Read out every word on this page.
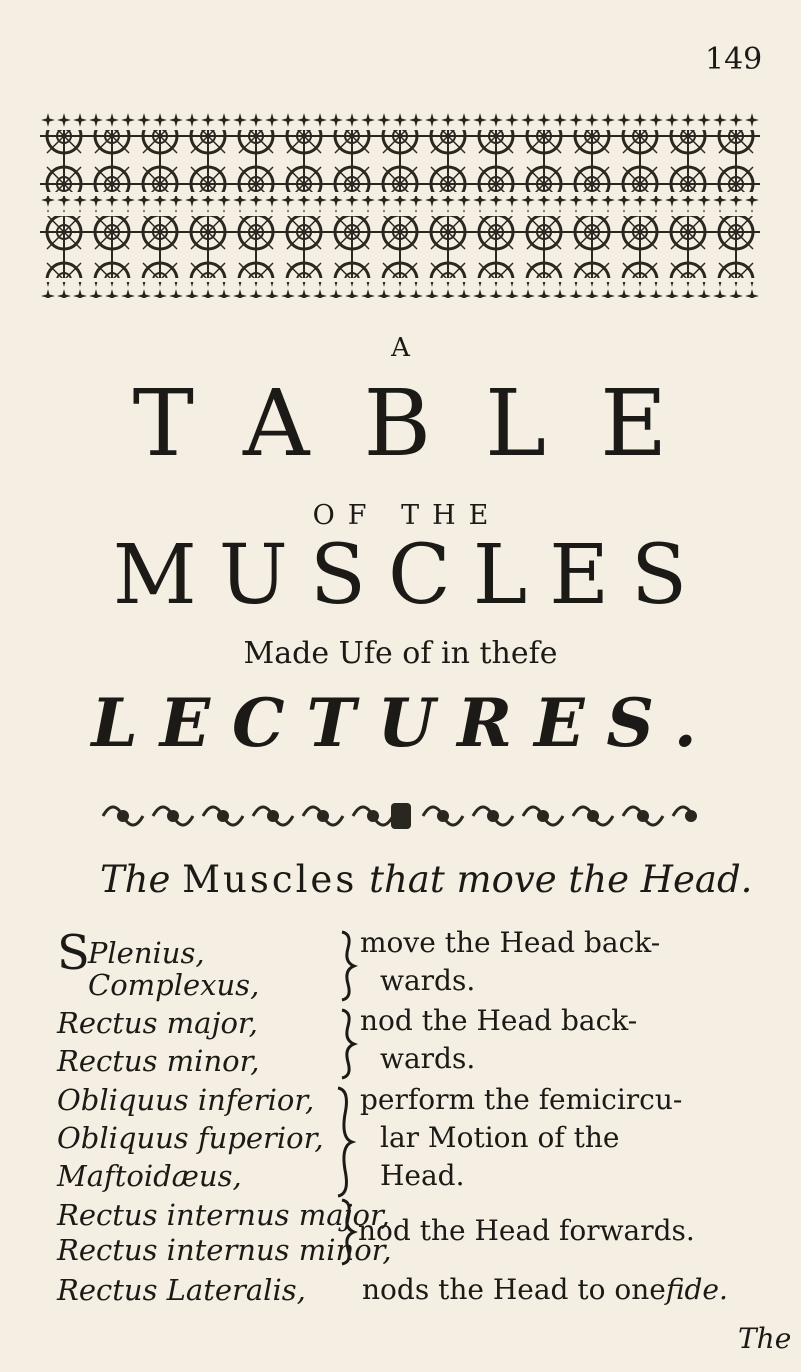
149
A
TABLE
OF THE
MUSCLES
Made Ufe of in thefe
LECTURES.
The Muscles that move the Head.
SPlenius,
Complexus,
Rectus major,
Rectus minor,
Obliquus inferior,
Obliquus fuperior,
Maftoidæus,
Rectus internus major,
Rectus internus minor,
Rectus Lateralis,
move the Head back-
wards.
nod the Head back-
wards.
perform the femicircu-
lar Motion of the
Head.
nod the Head forwards.
nods the Head to onefide.
The
